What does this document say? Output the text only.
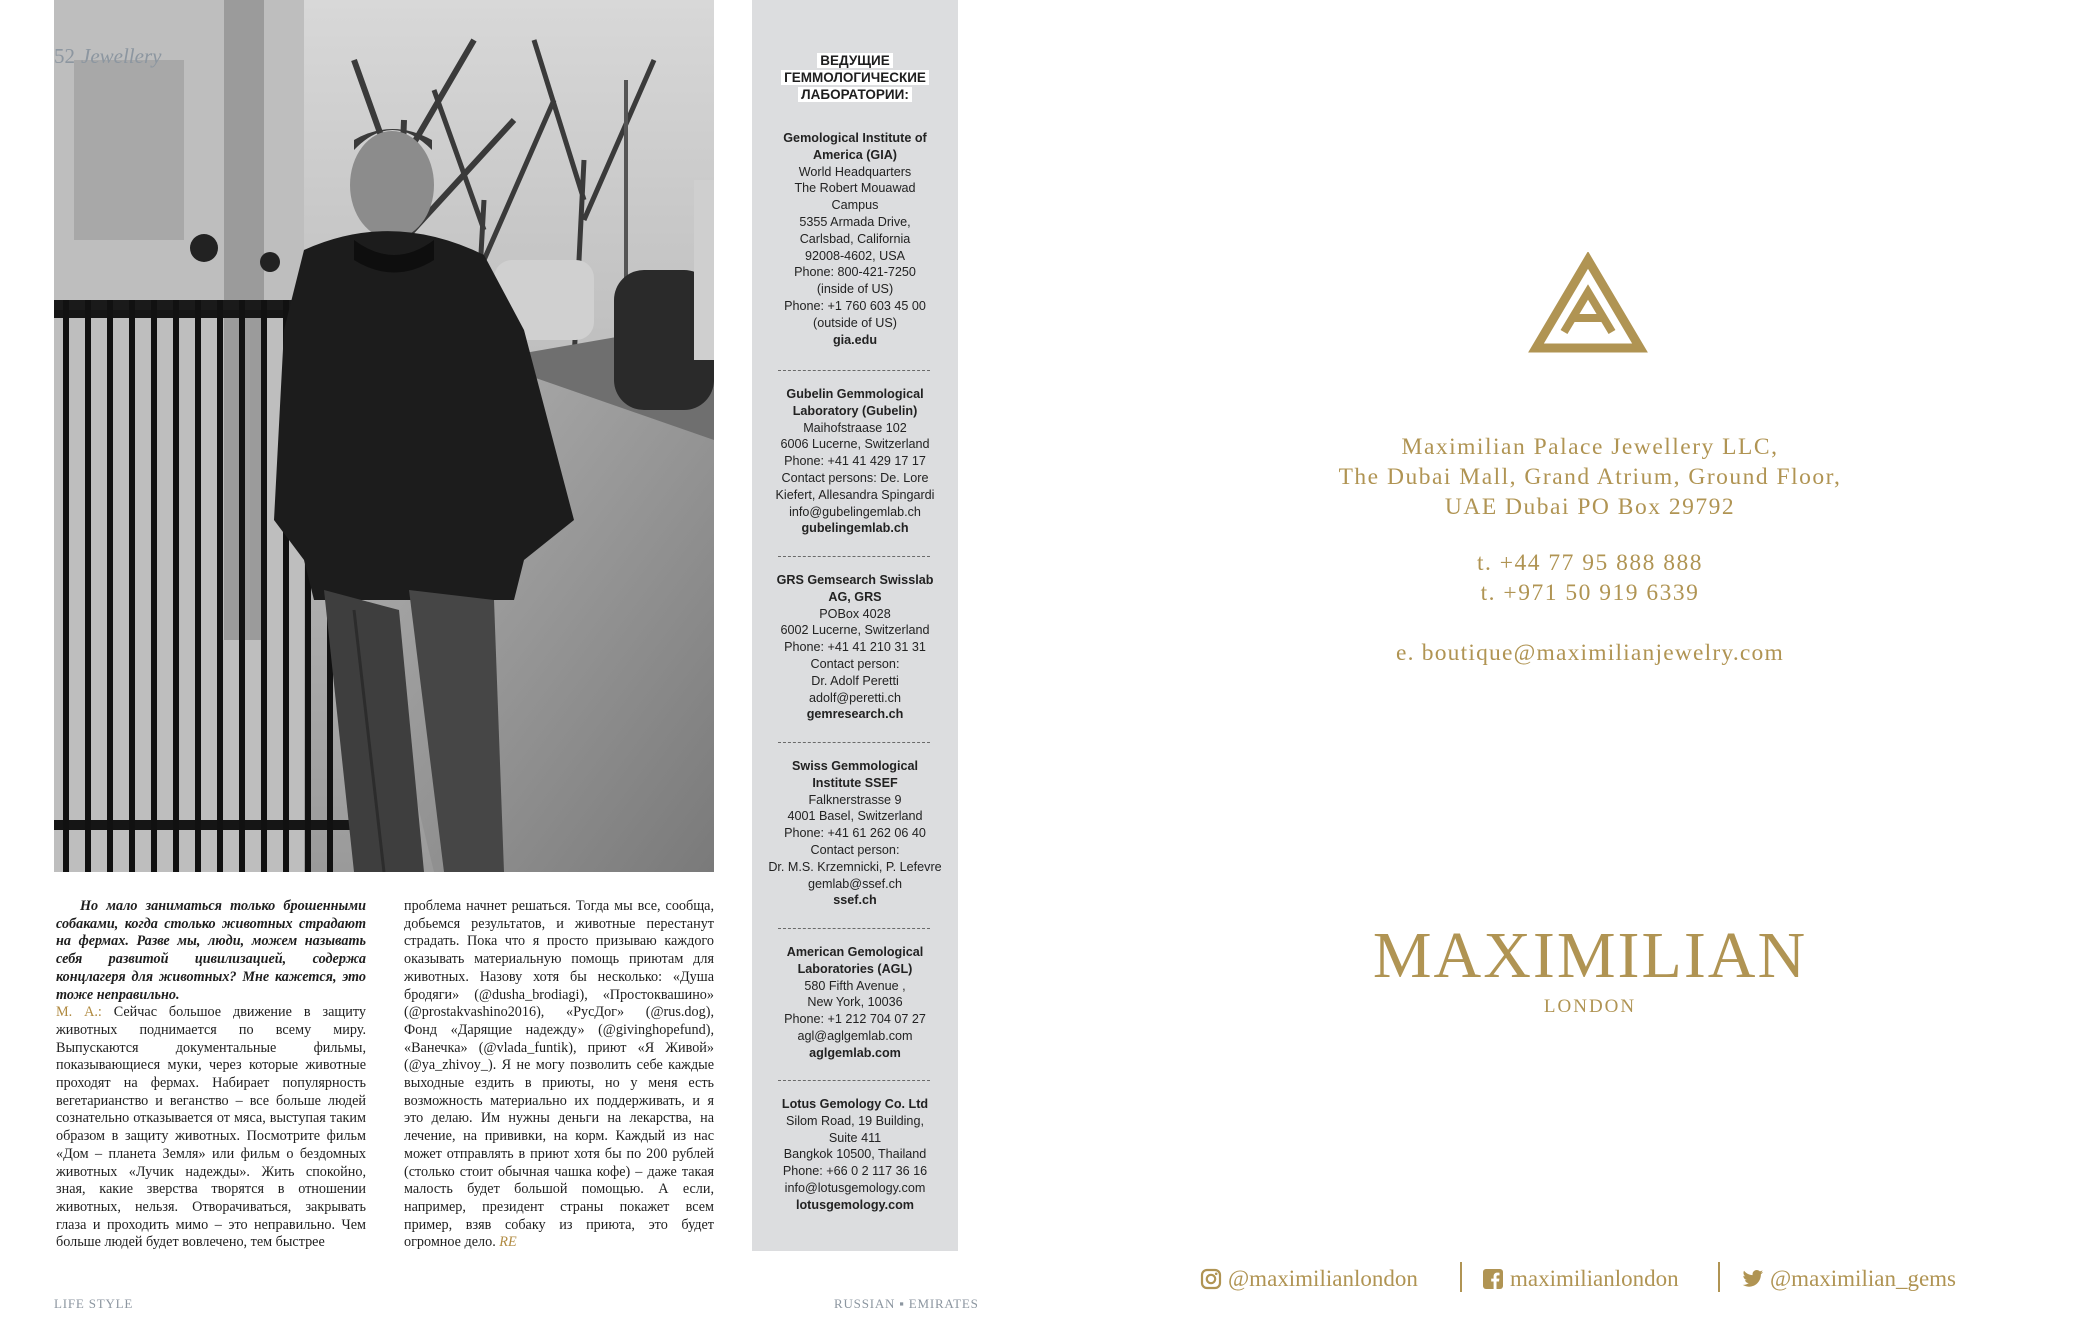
52 Jewellery

Но мало заниматься только брошенными собаками, когда столько животных страдают на фермах. Разве мы, люди, можем называть себя развитой цивилизацией, содержа концлагеря для животных? Мне кажется, это тоже неправильно.

М. А.: Сейчас большое движение в защиту животных поднимается по всему миру. Выпускаются документальные фильмы, показывающиеся муки, через которые животные проходят на фермах. Набирает популярность вегетарианство и веганство – все больше людей сознательно отказывается от мяса, выступая таким образом в защиту животных. Посмотрите фильм «Дом – планета Земля» или фильм о бездомных животных «Лучик надежды». Жить спокойно, зная, какие зверства творятся в отношении животных, нельзя. Отворачиваться, закрывать глаза и проходить мимо – это неправильно. Чем больше людей будет вовлечено, тем быстрее

проблема начнет решаться. Тогда мы все, сообща, добьемся результатов, и животные перестанут страдать. Пока что я просто призываю каждого оказывать материальную помощь приютам для животных. Назову хотя бы несколько: «Душа бродяги» (@dusha_brodiagi), «Простоквашино» (@prostakvashino2016), «РусДог» (@rus.dog), Фонд «Дарящие надежду» (@givinghopefund), «Ванечка» (@vlada_funtik), приют «Я Живой» (@ya_zhivoy_). Я не могу позволить себе каждые выходные ездить в приюты, но у меня есть возможность материально их поддерживать, и я это делаю. Им нужны деньги на лекарства, на лечение, на прививки, на корм. Каждый из нас может отправлять в приют хотя бы по 200 рублей (столько стоит обычная чашка кофе) – даже такая малость будет большой помощью. А если, например, президент страны покажет всем пример, взяв собаку из приюта, это будет огромное дело. RE

LIFE STYLE	RUSSIAN ▪ EMIRATES
ВЕДУЩИЕ
ГЕММОЛОГИЧЕСКИЕ
ЛАБОРАТОРИИ:
Gemological Institute of
America (GIA)
World Headquarters
The Robert Mouawad
Campus
5355 Armada Drive,
Carlsbad, California
92008-4602, USA
Phone: 800-421-7250
(inside of US)
Phone: +1 760 603 45 00
(outside of US)
gia.edu
Gubelin Gemmological
Laboratory (Gubelin)
Maihofstraase 102
6006 Lucerne, Switzerland
Phone: +41 41 429 17 17
Contact persons: De. Lore
Kiefert, Allesandra Spingardi
info@gubelingemlab.ch
gubelingemlab.ch
GRS Gemsearch Swisslab
AG, GRS
POBox 4028
6002 Lucerne, Switzerland
Phone: +41 41 210 31 31
Contact person:
Dr. Adolf Peretti
adolf@peretti.ch
gemresearch.ch
Swiss Gemmological
Institute SSEF
Falknerstrasse 9
4001 Basel, Switzerland
Phone: +41 61 262 06 40
Contact person:
Dr. M.S. Krzemnicki, P. Lefevre
gemlab@ssef.ch
ssef.ch
American Gemological
Laboratories (AGL)
580 Fifth Avenue ,
New York, 10036
Phone: +1 212 704 07 27
agl@aglgemlab.com
aglgemlab.com
Lotus Gemology Co. Ltd
Silom Road, 19 Building,
Suite 411
Bangkok 10500, Thailand
Phone: +66 0 2 117 36 16
info@lotusgemology.com
lotusgemology.com
Maximilian Palace Jewellery LLC,
The Dubai Mall, Grand Atrium, Ground Floor,
UAE Dubai PO Box 29792
t. +44 77 95 888 888
t. +971 50 919 6339
e. boutique@maximilianjewelry.com
MAXIMILIAN
LONDON
@maximilianlondon	maximilianlondon	@maximilian_gems
